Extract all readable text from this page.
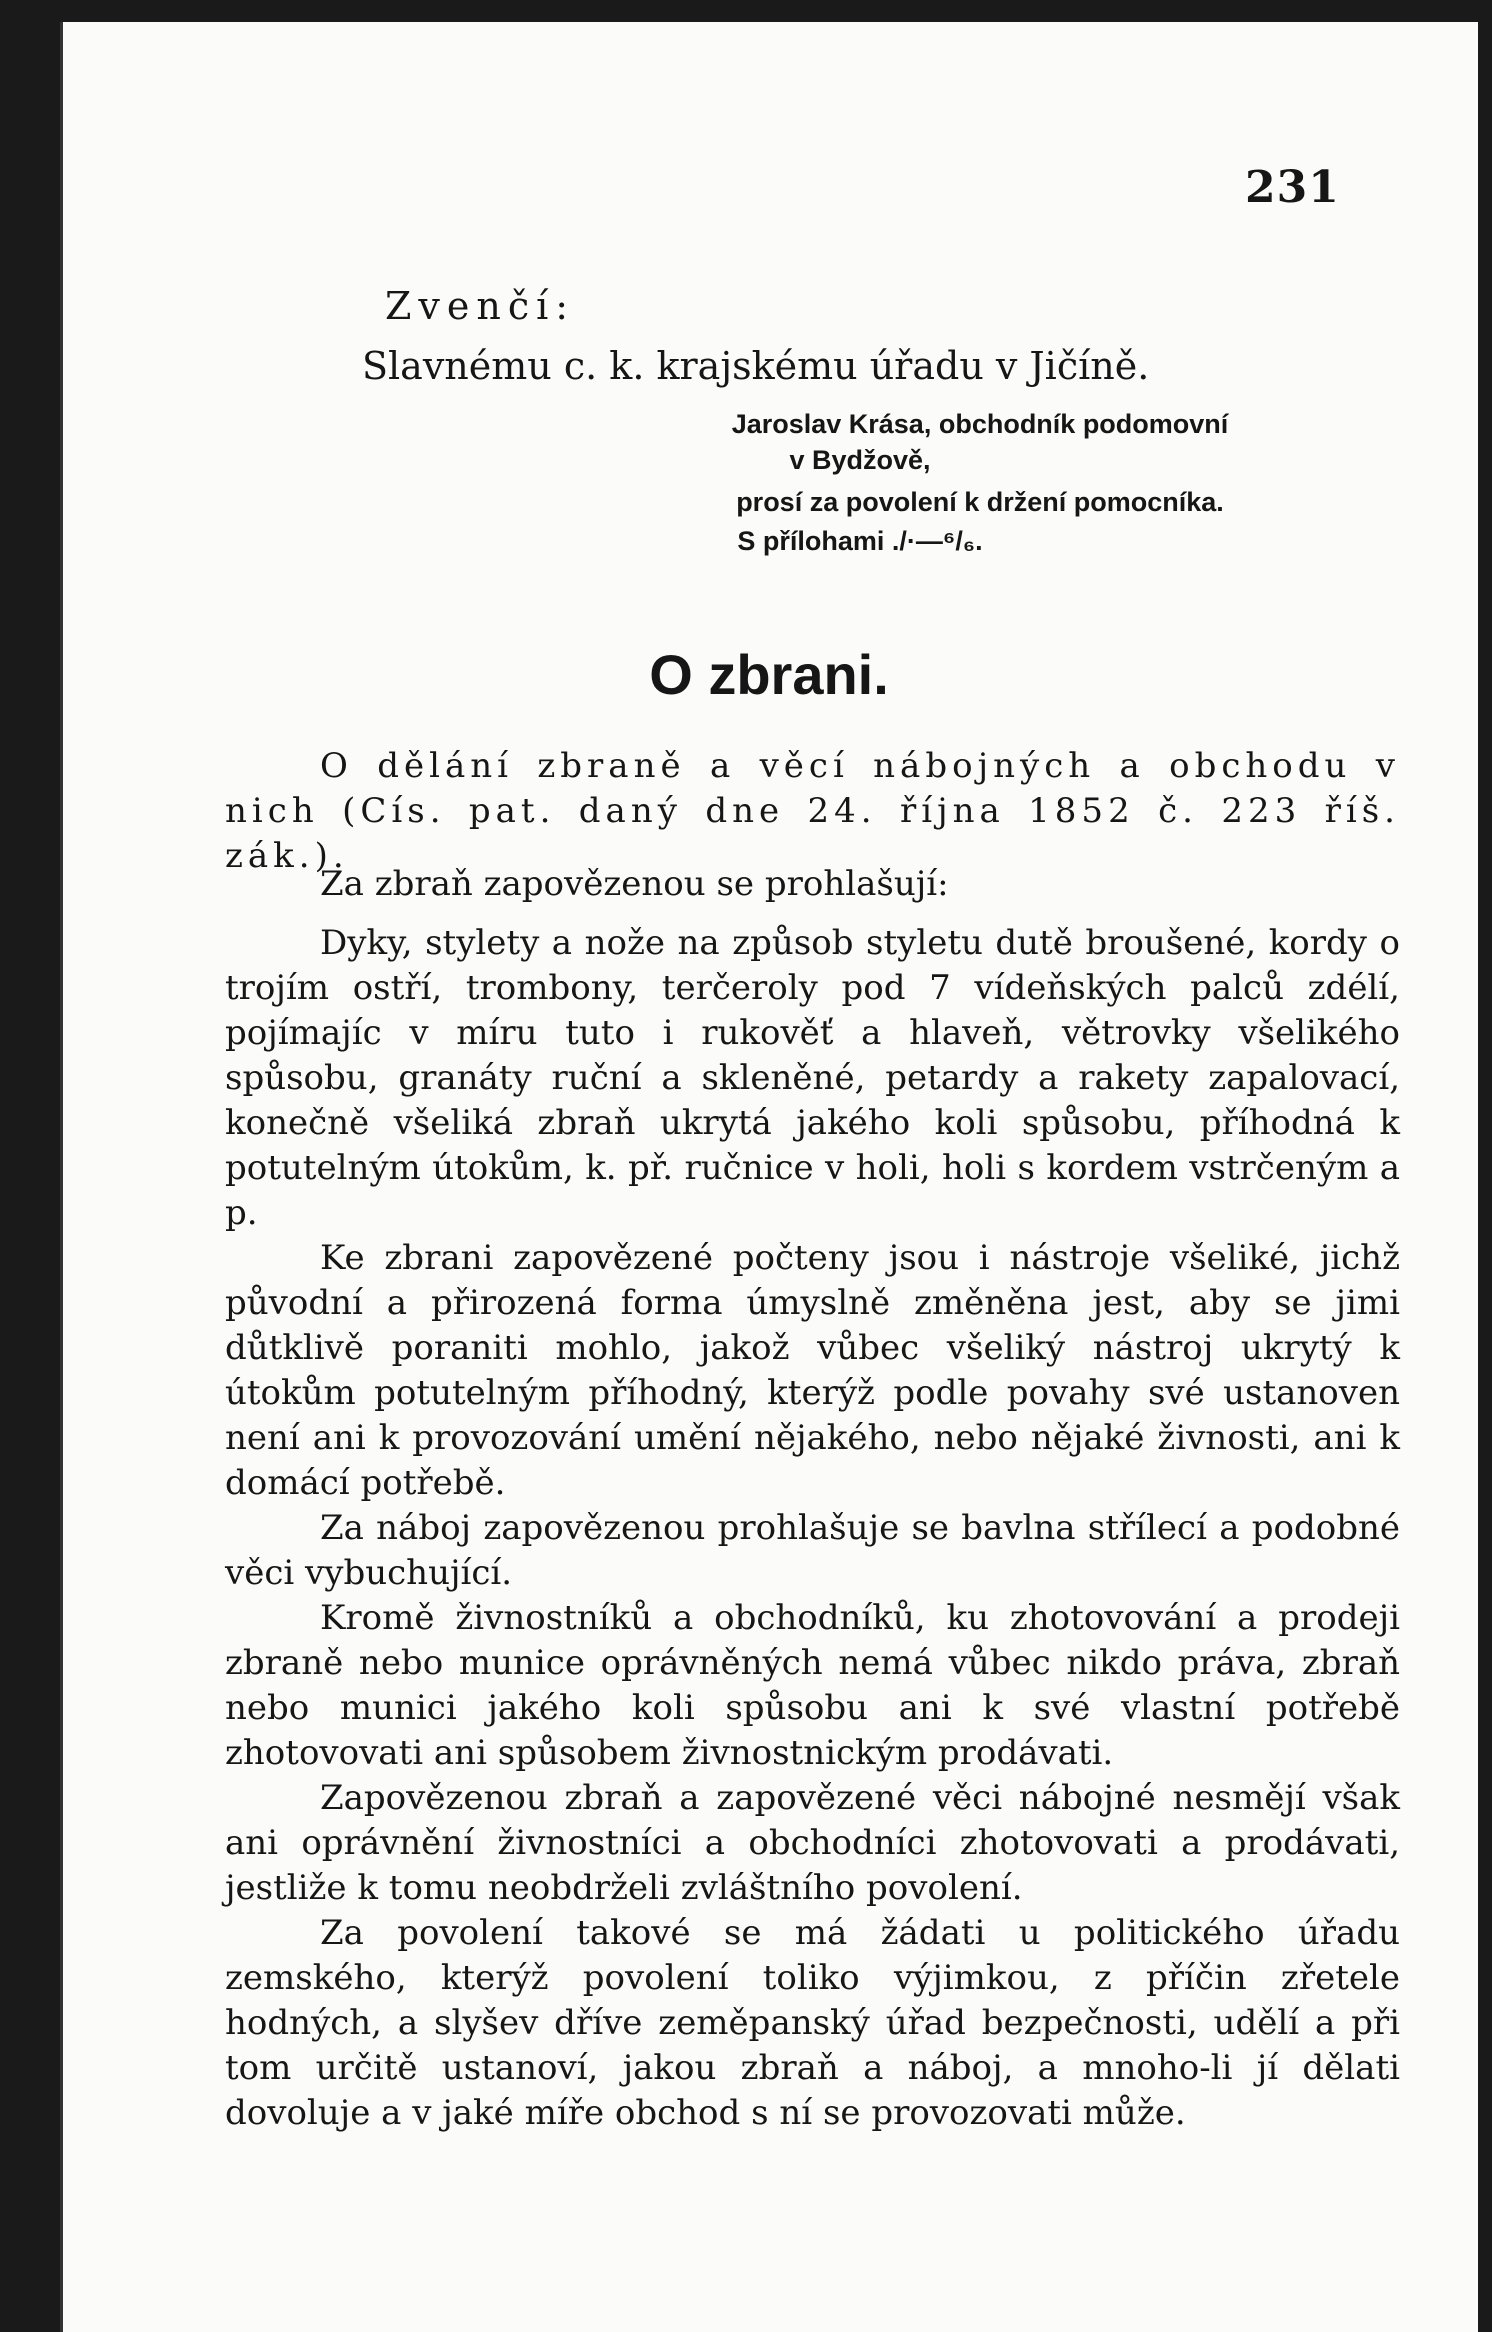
231
Zvenčí:
Slavnému c. k. krajskému úřadu v Jičíně.
Jaroslav Krása, obchodník podomovní
v Bydžově,
prosí za povolení k držení pomocníka.
S přílohami ./·—⁶/₆.
O zbrani.

O dělání zbraně a věcí nábojných a obchodu v nich (Cís. pat. daný dne 24. října 1852 č. 223 říš. zák.).

Za zbraň zapovězenou se prohlašují:

Dyky, stylety a nože na způsob styletu dutě broušené, kordy o trojím ostří, trombony, terčeroly pod 7 vídeňských palců zdélí, pojímajíc v míru tuto i rukověť a hlaveň, větrovky všelikého spůsobu, granáty ruční a skleněné, petardy a rakety zapalovací, konečně všeliká zbraň ukrytá jakého koli spůsobu, příhodná k potutelným útokům, k. př. ručnice v holi, holi s kordem vstrčeným a p.

Ke zbrani zapovězené počteny jsou i nástroje všeliké, jichž původní a přirozená forma úmyslně změněna jest, aby se jimi důtklivě poraniti mohlo, jakož vůbec všeliký nástroj ukrytý k útokům potutelným příhodný, kterýž podle povahy své ustanoven není ani k provozování umění nějakého, nebo nějaké živnosti, ani k domácí potřebě.

Za náboj zapovězenou prohlašuje se bavlna střílecí a podobné věci vybuchující.

Kromě živnostníků a obchodníků, ku zhotovování a prodeji zbraně nebo munice oprávněných nemá vůbec nikdo práva, zbraň nebo munici jakého koli spůsobu ani k své vlastní potřebě zhotovovati ani spůsobem živnostnickým prodávati.

Zapovězenou zbraň a zapovězené věci nábojné nesmějí však ani oprávnění živnostníci a obchodníci zhotovovati a prodávati, jestliže k tomu neobdrželi zvláštního povolení.

Za povolení takové se má žádati u politického úřadu zemského, kterýž povolení toliko výjimkou, z příčin zřetele hodných, a slyšev dříve zeměpanský úřad bezpečnosti, udělí a při tom určitě ustanoví, jakou zbraň a náboj, a mnoho-li jí dělati dovoluje a v jaké míře obchod s ní se provozovati může.
